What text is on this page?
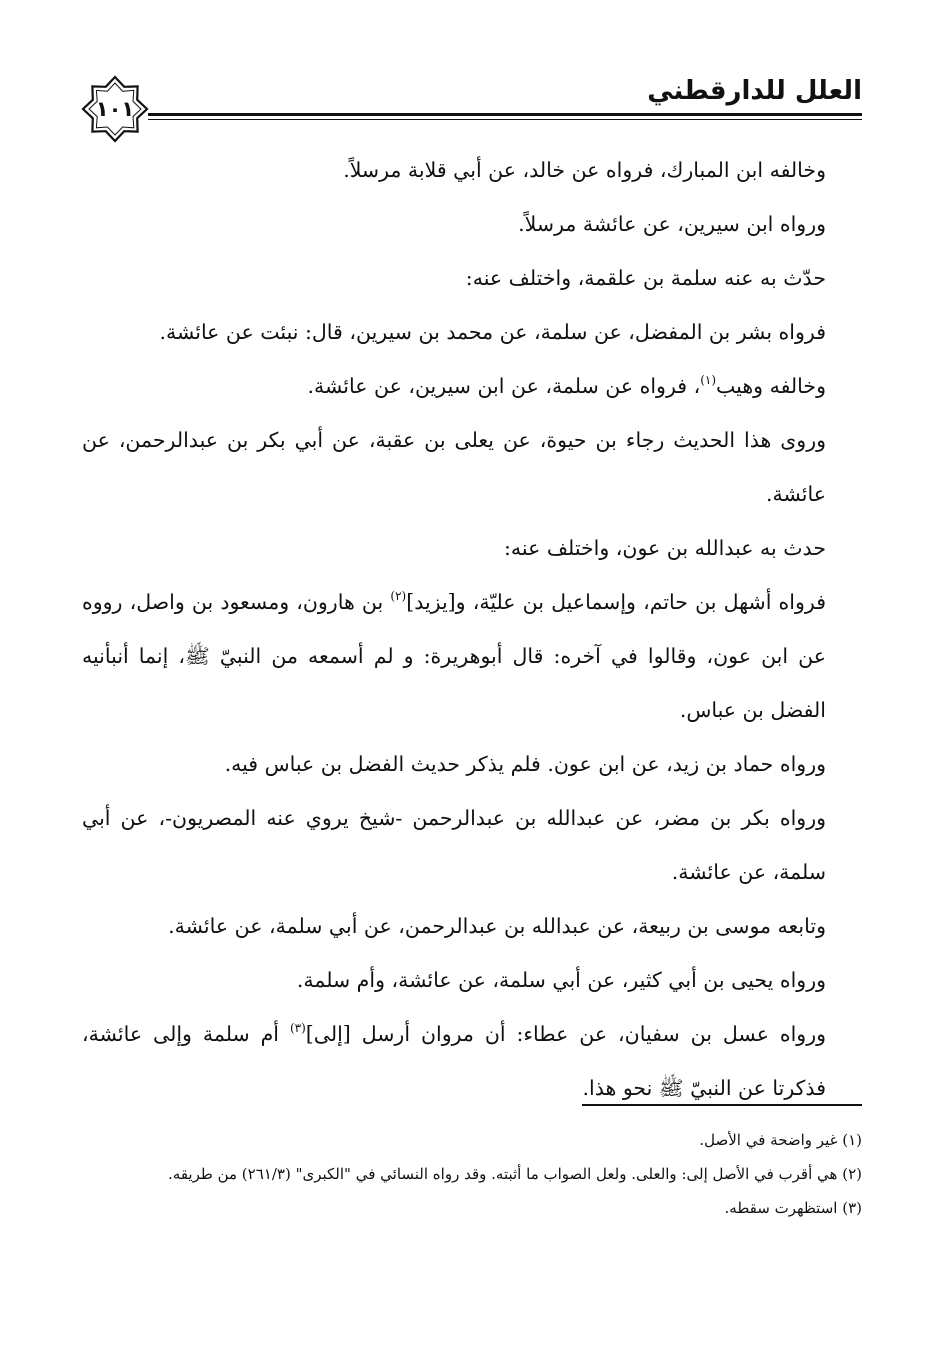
العلل للدارقطني
١٠١

وخالفه ابن المبارك، فرواه عن خالد، عن أبي قلابة مرسلاً.

ورواه ابن سيرين، عن عائشة مرسلاً.

حدّث به عنه سلمة بن علقمة، واختلف عنه:

فرواه بشر بن المفضل، عن سلمة، عن محمد بن سيرين، قال: نبئت عن عائشة.

وخالفه وهيب$^{(١)}$، فرواه عن سلمة، عن ابن سيرين، عن عائشة.

وروى هذا الحديث رجاء بن حيوة، عن يعلى بن عقبة، عن أبي بكر بن عبدالرحمن، عن عائشة.

حدث به عبدالله بن عون، واختلف عنه:

فرواه أشهل بن حاتم، وإسماعيل بن عليّة، و[يزيد]$^{(٢)}$ بن هارون، ومسعود بن واصل، رووه عن ابن عون، وقالوا في آخره: قال أبوهريرة: و لم أسمعه من النبيّ ﷺ، إنما أنبأنيه الفضل بن عباس.

ورواه حماد بن زيد، عن ابن عون. فلم يذكر حديث الفضل بن عباس فيه.

ورواه بكر بن مضر، عن عبدالله بن عبدالرحمن -شيخ يروي عنه المصريون-، عن أبي سلمة، عن عائشة.

وتابعه موسى بن ربيعة، عن عبدالله بن عبدالرحمن، عن أبي سلمة، عن عائشة.

ورواه يحيى بن أبي كثير، عن أبي سلمة، عن عائشة، وأم سلمة.

ورواه عسل بن سفيان، عن عطاء: أن مروان أرسل [إلى]$^{(٣)}$ أم سلمة وإلى عائشة، فذكرتا عن النبيّ ﷺ نحو هذا.

(١) غير واضحة في الأصل.

(٢) هي أقرب في الأصل إلى: والعلى. ولعل الصواب ما أثبته. وقد رواه النسائي في "الكبرى" (٢٦١/٣) من طريقه.

(٣) استظهرت سقطه.
